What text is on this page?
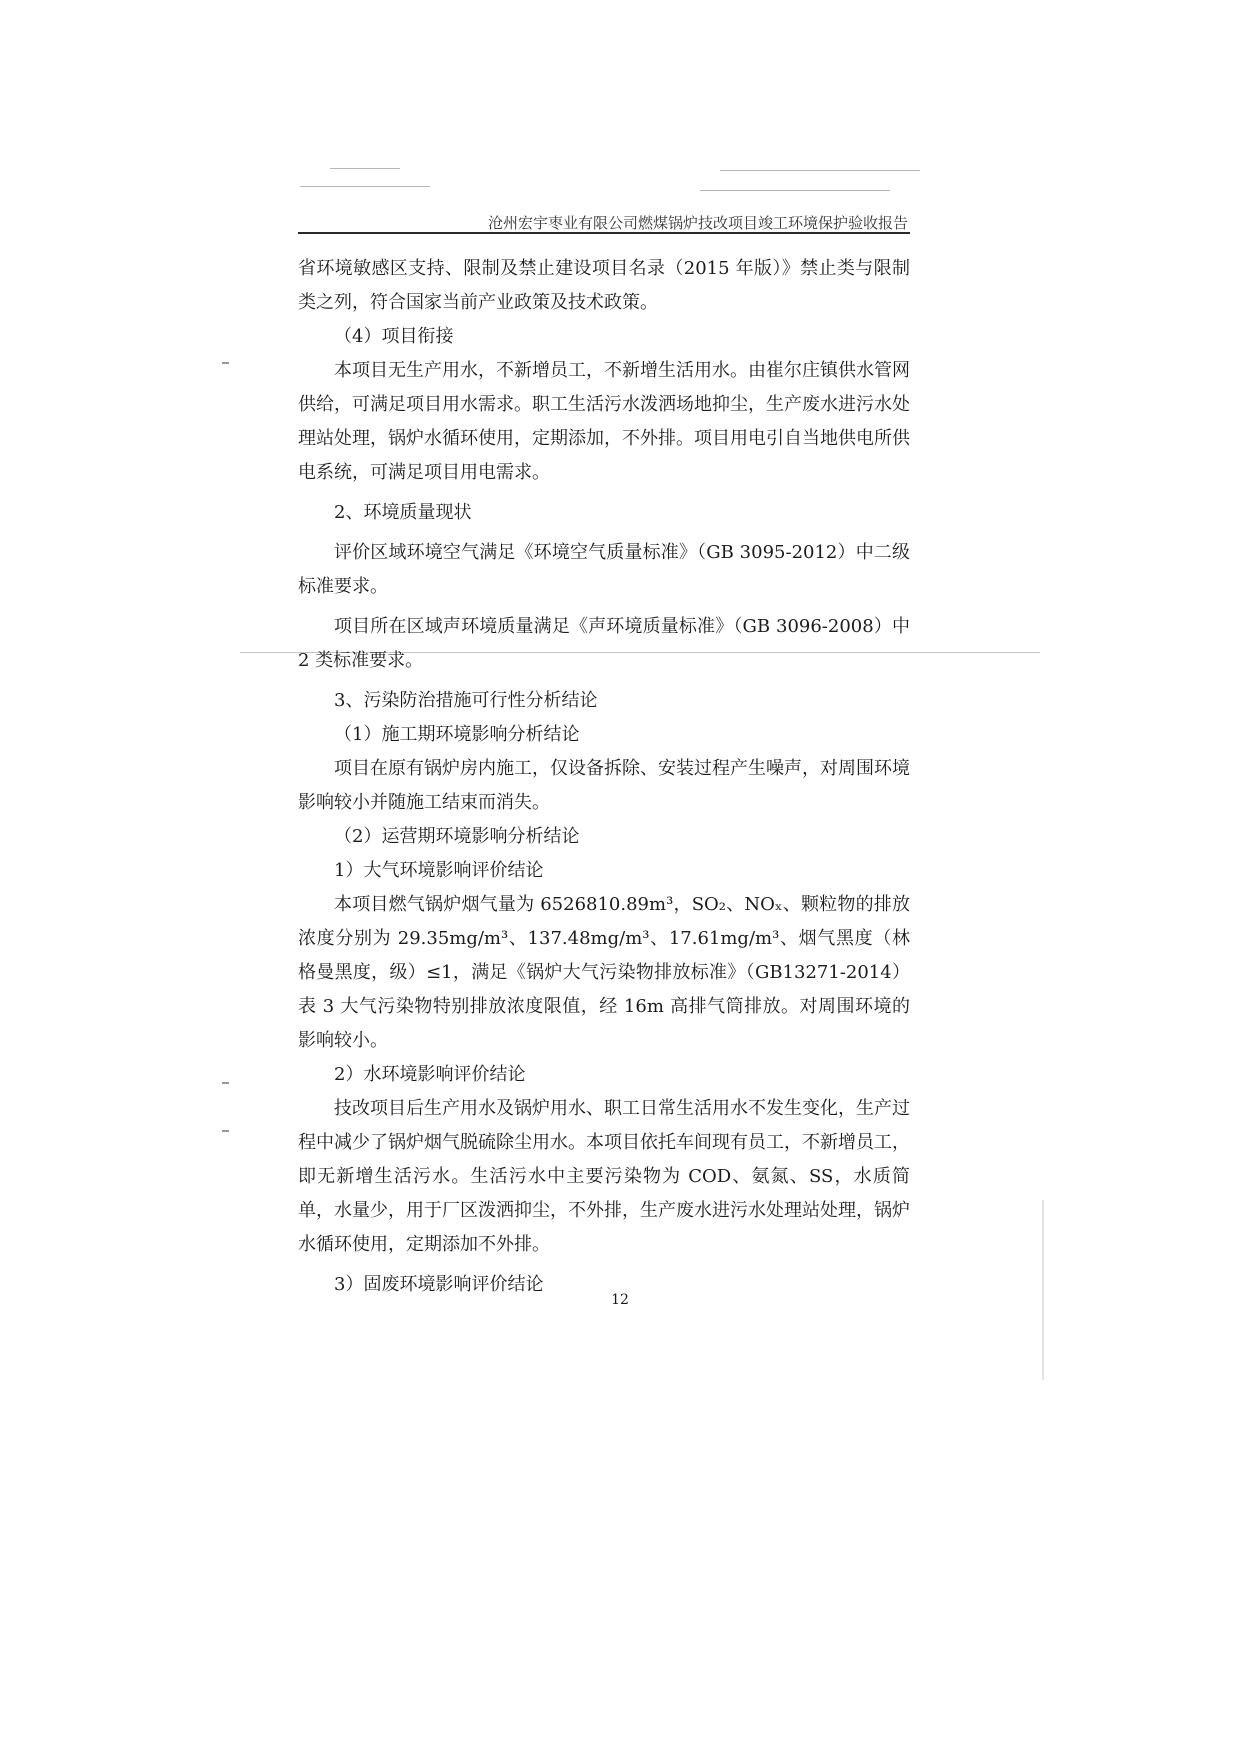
沧州宏宇枣业有限公司燃煤锅炉技改项目竣工环境保护验收报告

省环境敏感区支持、限制及禁止建设项目名录（2015 年版）》禁止类与限制类之列，符合国家当前产业政策及技术政策。

（4）项目衔接

本项目无生产用水，不新增员工，不新增生活用水。由崔尔庄镇供水管网供给，可满足项目用水需求。职工生活污水泼洒场地抑尘，生产废水进污水处理站处理，锅炉水循环使用，定期添加，不外排。项目用电引自当地供电所供电系统，可满足项目用电需求。

2、环境质量现状

评价区域环境空气满足《环境空气质量标准》（GB 3095-2012）中二级标准要求。

项目所在区域声环境质量满足《声环境质量标准》（GB 3096-2008）中 2 类标准要求。

3、污染防治措施可行性分析结论
（1）施工期环境影响分析结论

项目在原有锅炉房内施工，仅设备拆除、安装过程产生噪声，对周围环境影响较小并随施工结束而消失。

（2）运营期环境影响分析结论
1）大气环境影响评价结论

本项目燃气锅炉烟气量为 6526810.89m³，SO₂、NOₓ、颗粒物的排放浓度分别为 29.35mg/m³、137.48mg/m³、17.61mg/m³、烟气黑度（林格曼黑度，级）≤1，满足《锅炉大气污染物排放标准》（GB13271-2014）表 3 大气污染物特别排放浓度限值，经 16m 高排气筒排放。对周围环境的影响较小。

2）水环境影响评价结论

技改项目后生产用水及锅炉用水、职工日常生活用水不发生变化，生产过程中减少了锅炉烟气脱硫除尘用水。本项目依托车间现有员工，不新增员工，即无新增生活污水。生活污水中主要污染物为 COD、氨氮、SS，水质简单，水量少，用于厂区泼洒抑尘，不外排，生产废水进污水处理站处理，锅炉水循环使用，定期添加不外排。

3）固废环境影响评价结论
12
